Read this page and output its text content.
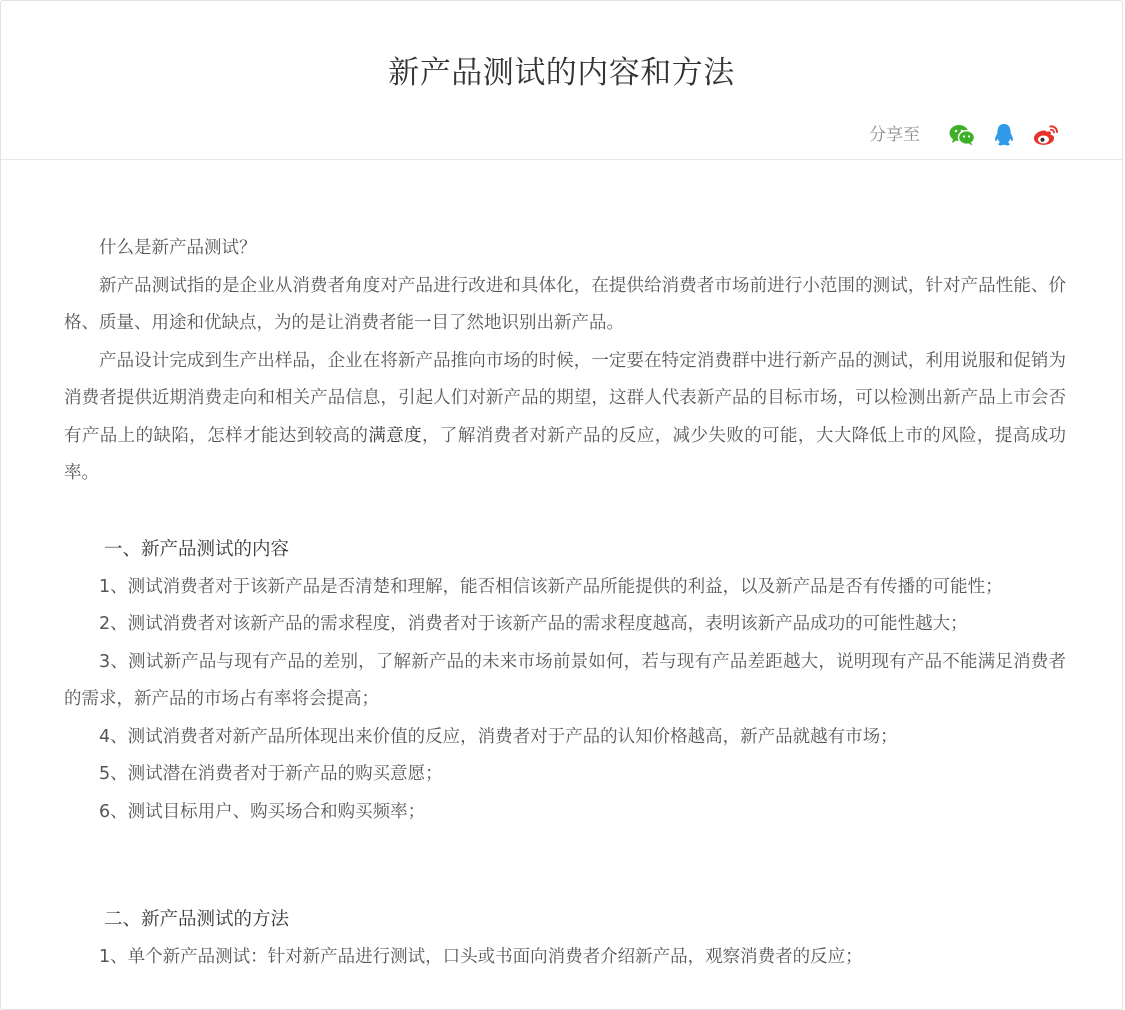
新产品测试的内容和方法
分享至

什么是新产品测试？

新产品测试指的是企业从消费者角度对产品进行改进和具体化，在提供给消费者市场前进行小范围的测试，针对产品性能、价格、质量、用途和优缺点，为的是让消费者能一目了然地识别出新产品。

产品设计完成到生产出样品，企业在将新产品推向市场的时候，一定要在特定消费群中进行新产品的测试，利用说服和促销为消费者提供近期消费走向和相关产品信息，引起人们对新产品的期望，这群人代表新产品的目标市场，可以检测出新产品上市会否有产品上的缺陷，怎样才能达到较高的满意度，了解消费者对新产品的反应，减少失败的可能，大大降低上市的风险，提高成功率。

一、新产品测试的内容

1、测试消费者对于该新产品是否清楚和理解，能否相信该新产品所能提供的利益，以及新产品是否有传播的可能性；

2、测试消费者对该新产品的需求程度，消费者对于该新产品的需求程度越高，表明该新产品成功的可能性越大；

3、测试新产品与现有产品的差别，了解新产品的未来市场前景如何，若与现有产品差距越大，说明现有产品不能满足消费者的需求，新产品的市场占有率将会提高；

4、测试消费者对新产品所体现出来价值的反应，消费者对于产品的认知价格越高，新产品就越有市场；

5、测试潜在消费者对于新产品的购买意愿；

6、测试目标用户、购买场合和购买频率；

二、新产品测试的方法

1、单个新产品测试：针对新产品进行测试，口头或书面向消费者介绍新产品，观察消费者的反应；
